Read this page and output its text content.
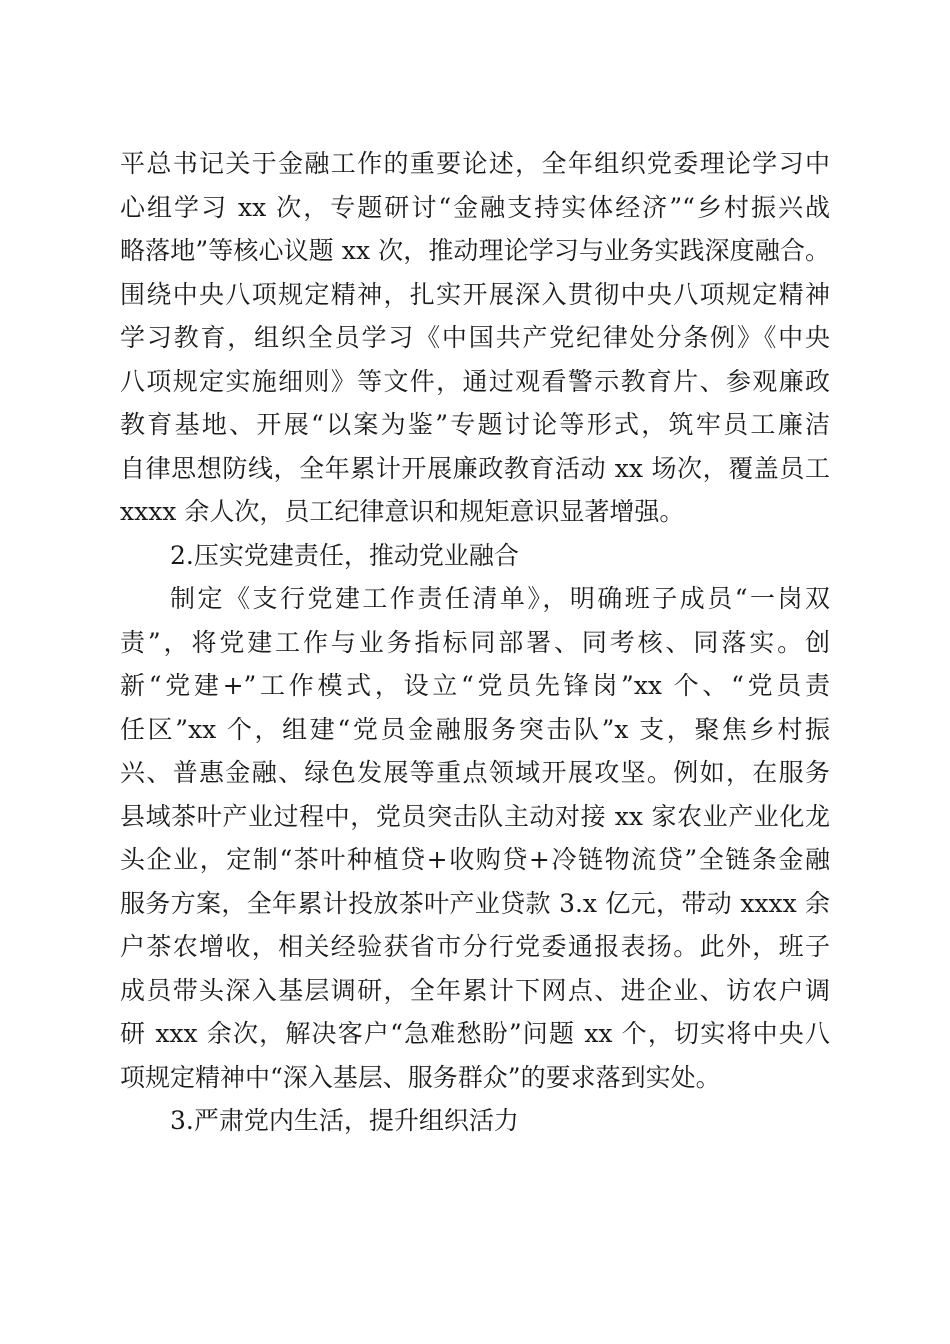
平总书记关于金融工作的重要论述，全年组织党委理论学习中
心组学习 xx 次，专题研讨“金融支持实体经济”“乡村振兴战
略落地”等核心议题 xx 次，推动理论学习与业务实践深度融合。
围绕中央八项规定精神，扎实开展深入贯彻中央八项规定精神
学习教育，组织全员学习《中国共产党纪律处分条例》《中央
八项规定实施细则》等文件，通过观看警示教育片、参观廉政
教育基地、开展“以案为鉴”专题讨论等形式，筑牢员工廉洁
自律思想防线，全年累计开展廉政教育活动 xx 场次，覆盖员工
xxxx 余人次，员工纪律意识和规矩意识显著增强。
2.压实党建责任，推动党业融合
制定《支行党建工作责任清单》，明确班子成员“一岗双
责”，将党建工作与业务指标同部署、同考核、同落实。创
新“党建+”工作模式，设立“党员先锋岗”xx 个、“党员责
任区”xx 个，组建“党员金融服务突击队”x 支，聚焦乡村振
兴、普惠金融、绿色发展等重点领域开展攻坚。例如，在服务
县域茶叶产业过程中，党员突击队主动对接 xx 家农业产业化龙
头企业，定制“茶叶种植贷+收购贷+冷链物流贷”全链条金融
服务方案，全年累计投放茶叶产业贷款 3.x 亿元，带动 xxxx 余
户茶农增收，相关经验获省市分行党委通报表扬。此外，班子
成员带头深入基层调研，全年累计下网点、进企业、访农户调
研 xxx 余次，解决客户“急难愁盼”问题 xx 个，切实将中央八
项规定精神中“深入基层、服务群众”的要求落到实处。
3.严肃党内生活，提升组织活力
